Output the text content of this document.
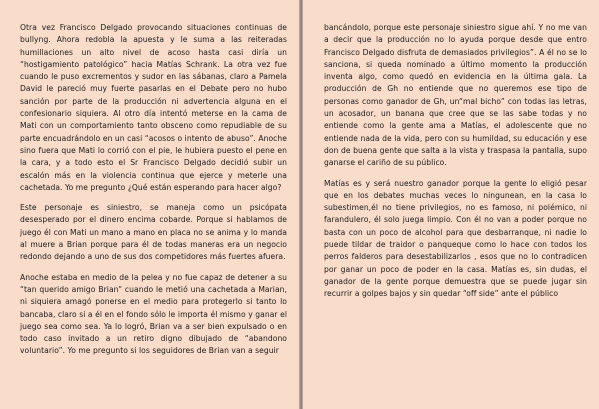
Otra vez Francisco Delgado provocando situaciones continuas de bullyng. Ahora redobla la apuesta y le suma a las reiteradas humillaciones un alto nivel de acoso hasta casi diría un “hostigamiento patológico” hacia Matías Schrank. La otra vez fue cuando le puso excrementos y sudor en las sábanas, claro a Pamela David le pareció muy fuerte pasarlas en el Debate pero no hubo sanción por parte de la producción ni advertencia alguna en el confesionario siquiera. Al otro día intentó meterse en la cama de Mati con un comportamiento tanto obsceno como repudiable de su parte encuadrándolo en un casi “acosos o intento de abuso”. Anoche sino fuera que Mati lo corrió con el pie, le hubiera puesto el pene en la cara, y a todo esto el Sr Francisco Delgado decidió subir un escalón más en la violencia continua que ejerce y meterle una cachetada. Yo me pregunto ¿Qué están esperando para hacer algo?

Este personaje es siniestro, se maneja como un psicópata desesperado por el dinero encima cobarde. Porque si hablamos de juego él con Mati un mano a mano en placa no se anima y lo manda al muere a Brian porque para él de todas maneras era un negocio redondo dejando a uno de sus dos competidores más fuertes afuera.

Anoche estaba en medio de la pelea y no fue capaz de detener a su “tan querido amigo Brian” cuando le metió una cachetada a Marian, ni siquiera amagó ponerse en el medio para protegerlo si tanto lo bancaba, claro si a él en el fondo sólo le importa él mismo y ganar el juego sea como sea. Ya lo logró, Brian va a ser bien expulsado o en todo caso invitado a un retiro digno dibujado de “abandono voluntario”. Yo me pregunto si los seguidores de Brian van a seguir

bancándolo, porque este personaje siniestro sigue ahí. Y no me van a decir que la producción no lo ayuda porque desde que entro Francisco Delgado disfruta de demasiados privilegios”. A él no se lo sanciona, si queda nominado a último momento la producción inventa algo, como quedó en evidencia en la última gala. La producción de Gh no entiende que no queremos ese tipo de personas como ganador de Gh, un“mal bicho” con todas las letras, un acosador, un banana que cree que se las sabe todas y no entiende como la gente ama a Matías, el adolescente que no entiende nada de la vida, pero con su humildad, su educación y ese don de buena gente que salta a la vista y traspasa la pantalla, supo ganarse el cariño de su público.

Matías es y será nuestro ganador porque la gente lo eligió pesar que en los debates muchas veces lo ningunean, en la casa lo subestimen,él no tiene privilegios, no es famoso, ni polémico, ni farandulero, él solo juega limpio. Con él no van a poder porque no basta con un poco de alcohol para que desbarranque, ni nadie lo puede tildar de traidor o panqueque como lo hace con todos los perros falderos para desestabilizarlos , esos que no lo contradicen por ganar un poco de poder en la casa. Matías es, sin dudas, el ganador de la gente porque demuestra que se puede jugar sin recurrir a golpes bajos y sin quedar “off side” ante el público
